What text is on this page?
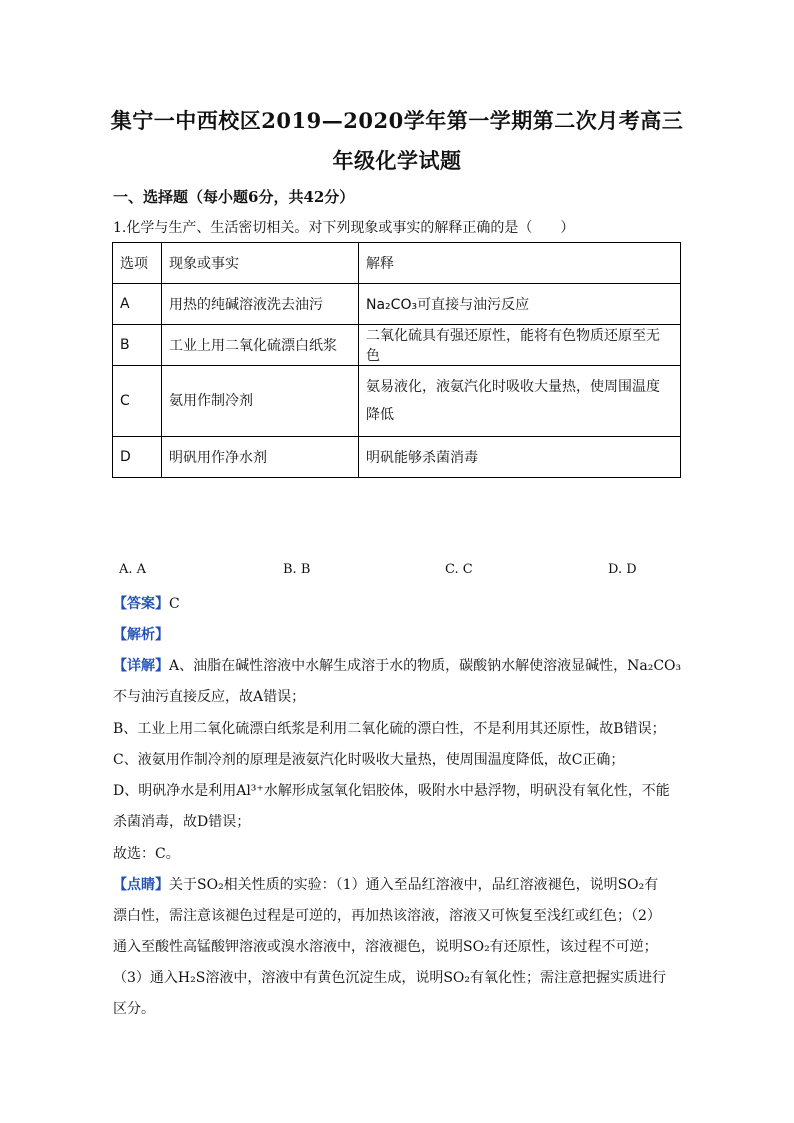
集宁一中西校区2019—2020学年第一学期第二次月考高三
年级化学试题
一、选择题（每小题6分，共42分）
1.化学与生产、生活密切相关。对下列现象或事实的解释正确的是（　　）
选项	现象或事实	解释
A	用热的纯碱溶液洗去油污	Na₂CO₃可直接与油污反应
B	工业上用二氧化硫漂白纸浆	二氧化硫具有强还原性，能将有色物质还原至无色
C	氨用作制冷剂	氨易液化，液氨汽化时吸收大量热，使周围温度降低
D	明矾用作净水剂	明矾能够杀菌消毒
A. A	B. B	C. C	D. D
【答案】C
【解析】
【详解】A、油脂在碱性溶液中水解生成溶于水的物质，碳酸钠水解使溶液显碱性，Na₂CO₃
不与油污直接反应，故A错误；
B、工业上用二氧化硫漂白纸浆是利用二氧化硫的漂白性，不是利用其还原性，故B错误；
C、液氨用作制冷剂的原理是液氨汽化时吸收大量热，使周围温度降低，故C正确；
D、明矾净水是利用Al³⁺水解形成氢氧化铝胶体，吸附水中悬浮物，明矾没有氧化性，不能
杀菌消毒，故D错误；
故选：C。
【点睛】关于SO₂相关性质的实验：（1）通入至品红溶液中，品红溶液褪色，说明SO₂有
漂白性，需注意该褪色过程是可逆的，再加热该溶液，溶液又可恢复至浅红或红色；（2）
通入至酸性高锰酸钾溶液或溴水溶液中，溶液褪色，说明SO₂有还原性，该过程不可逆；
（3）通入H₂S溶液中，溶液中有黄色沉淀生成，说明SO₂有氧化性；需注意把握实质进行
区分。
